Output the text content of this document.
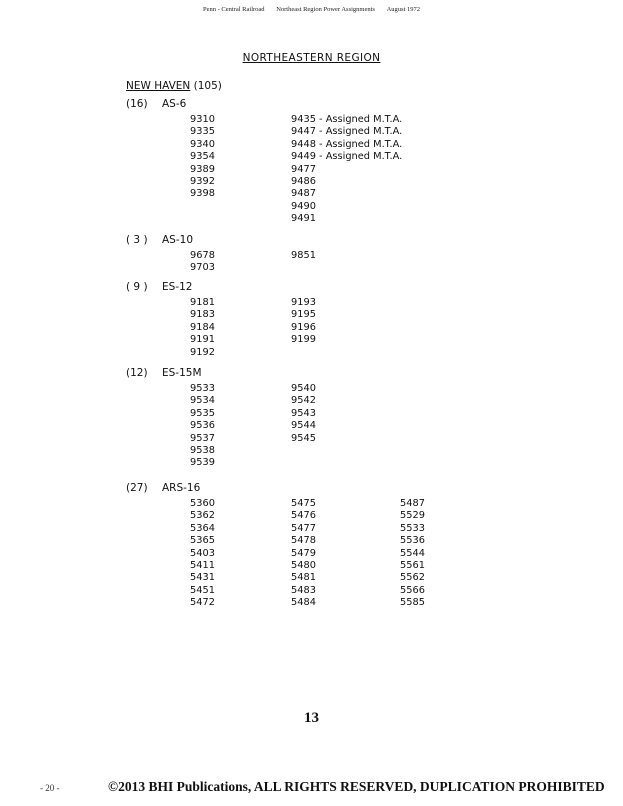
Penn - Central Railroad Northeast Region Power Assignments August 1972
NORTHEASTERN REGION
NEW HAVEN (105)
(16) AS-6
9310
9335
9340
9354
9389
9392
9398
9435 - Assigned M.T.A.
9447 - Assigned M.T.A.
9448 - Assigned M.T.A.
9449 - Assigned M.T.A.
9477
9486
9487
9490
9491
( 3 ) AS-10
9678
9703
9851
( 9 ) ES-12
9181
9183
9184
9191
9192
9193
9195
9196
9199
(12) ES-15M
9533
9534
9535
9536
9537
9538
9539
9540
9542
9543
9544
9545
(27) ARS-16
5360
5362
5364
5365
5403
5411
5431
5451
5472
5475
5476
5477
5478
5479
5480
5481
5483
5484
5487
5529
5533
5536
5544
5561
5562
5566
5585
13
- 20 -	©2013 BHI Publications, ALL RIGHTS RESERVED, DUPLICATION PROHIBITED
